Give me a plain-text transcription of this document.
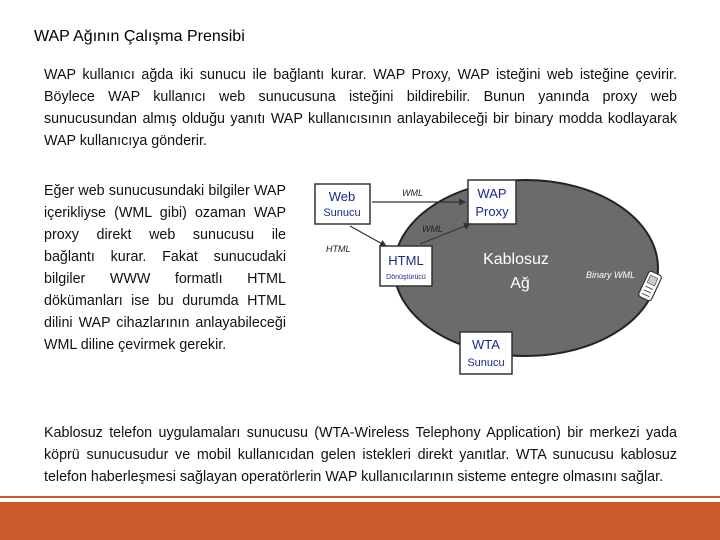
WAP Ağının Çalışma Prensibi
WAP kullanıcı ağda iki sunucu ile bağlantı kurar. WAP Proxy, WAP isteğini web isteğine çevirir. Böylece WAP kullanıcı web sunucusuna isteğini bildirebilir. Bunun yanında proxy web sunucusundan almış olduğu yanıtı WAP kullanıcısının anlayabileceği bir binary modda kodlayarak WAP kullanıcıya gönderir.
Eğer web sunucusundaki bilgiler WAP içerikliyse (WML gibi) ozaman WAP proxy direkt web sunucusu ile bağlantı kurar. Fakat sunucudaki bilgiler WWW formatlı HTML dökümanları ise bu durumda HTML dilini WAP cihazlarının anlayabileceği WML diline çevirmek gerekir.
Kablosuz
Ağ
Web
Sunucu
WAP
Proxy
HTML
Dönüştürücü
WTA
Sunucu
WML
WML
HTML
Binary WML
Kablosuz telefon uygulamaları sunucusu (WTA-Wireless Telephony Application) bir merkezi yada köprü sunucusudur ve mobil kullanıcıdan gelen istekleri direkt yanıtlar. WTA sunucusu kablosuz telefon haberleşmesi sağlayan operatörlerin WAP kullanıcılarının sisteme entegre olmasını sağlar.
